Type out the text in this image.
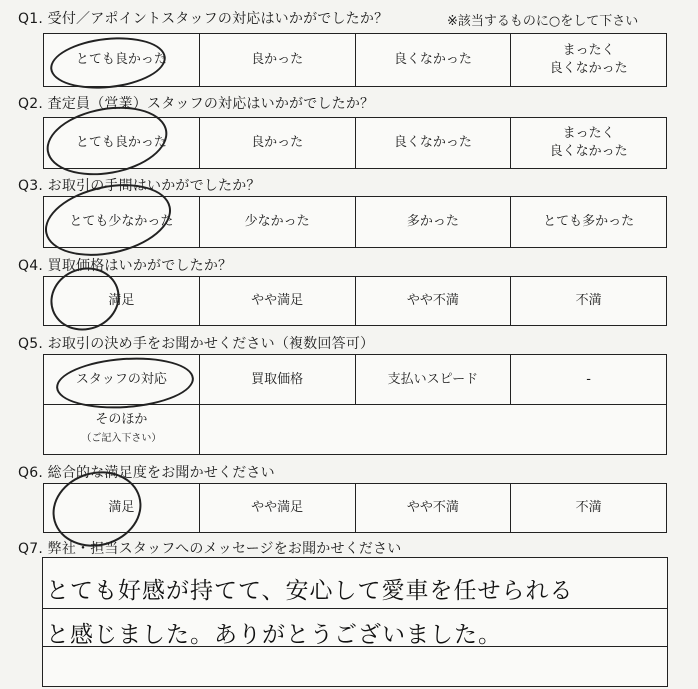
Q1. 受付／アポイントスタッフの対応はいかがでしたか？	※該当するものに○をして下さい
とても良かった	良かった	良くなかった	まったく
良くなかった
Q2. 査定員（営業）スタッフの対応はいかがでしたか？
とても良かった	良かった	良くなかった	まったく
良くなかった
Q3. お取引の手間はいかがでしたか？
とても少なかった	少なかった	多かった	とても多かった
Q4. 買取価格はいかがでしたか？
満足	やや満足	やや不満	不満
Q5. お取引の決め手をお聞かせください（複数回答可）
スタッフの対応	買取価格	支払いスピード	-
そのほか
（ご記入下さい）			
Q6. 総合的な満足度をお聞かせください
満足	やや満足	やや不満	不満
Q7. 弊社・担当スタッフへのメッセージをお聞かせください
とても好感が持てて、安心して愛車を任せられる
と感じました。ありがとうございました。
